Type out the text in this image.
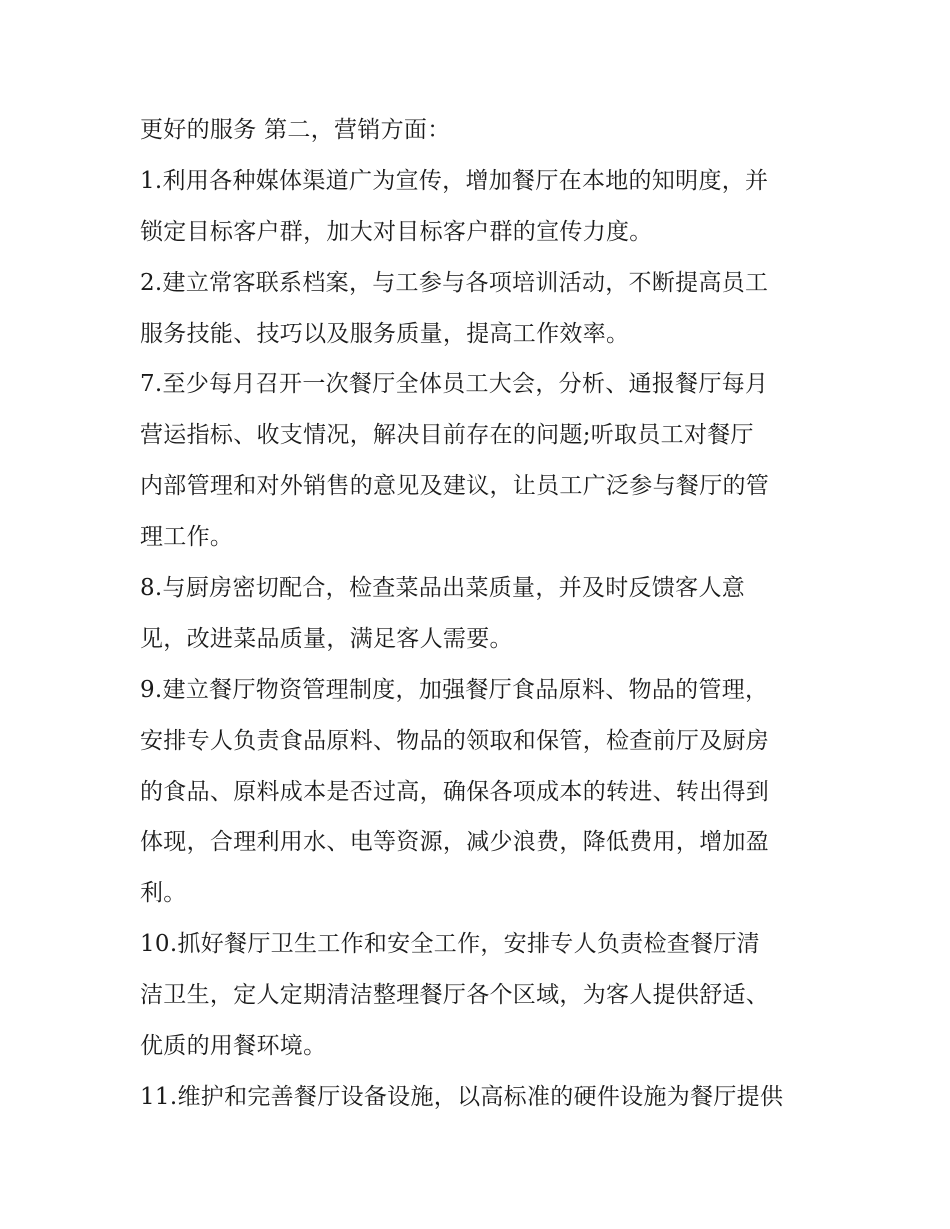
更好的服务 第二，营销方面：
1.利用各种媒体渠道广为宣传，增加餐厅在本地的知明度，并
锁定目标客户群，加大对目标客户群的宣传力度。
2.建立常客联系档案，与工参与各项培训活动，不断提高员工
服务技能、技巧以及服务质量，提高工作效率。
7.至少每月召开一次餐厅全体员工大会，分析、通报餐厅每月
营运指标、收支情况，解决目前存在的问题;听取员工对餐厅
内部管理和对外销售的意见及建议，让员工广泛参与餐厅的管
理工作。
8.与厨房密切配合，检查菜品出菜质量，并及时反馈客人意
见，改进菜品质量，满足客人需要。
9.建立餐厅物资管理制度，加强餐厅食品原料、物品的管理，
安排专人负责食品原料、物品的领取和保管，检查前厅及厨房
的食品、原料成本是否过高，确保各项成本的转进、转出得到
体现，合理利用水、电等资源，减少浪费，降低费用，增加盈
利。
10.抓好餐厅卫生工作和安全工作，安排专人负责检查餐厅清
洁卫生，定人定期清洁整理餐厅各个区域，为客人提供舒适、
优质的用餐环境。
11.维护和完善餐厅设备设施，以高标准的硬件设施为餐厅提供
